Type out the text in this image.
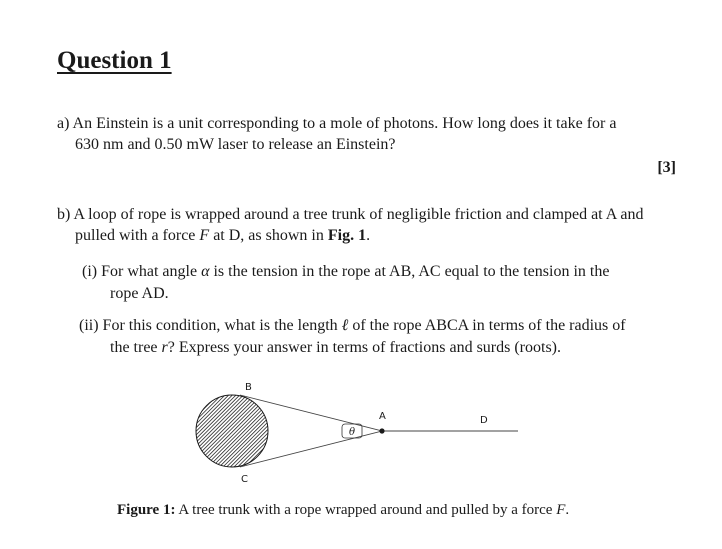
Question 1
a) An Einstein is a unit corresponding to a mole of photons. How long does it take for a
630 nm and 0.50 mW laser to release an Einstein?
[3]
b) A loop of rope is wrapped around a tree trunk of negligible friction and clamped at A and
pulled with a force F at D, as shown in Fig. 1.
(i) For what angle α is the tension in the rope at AB, AC equal to the tension in the
rope AD.
(ii) For this condition, what is the length ℓ of the rope ABCA in terms of the radius of
the tree r? Express your answer in terms of fractions and surds (roots).
θ
B
C
A	D
Figure 1: A tree trunk with a rope wrapped around and pulled by a force F.
